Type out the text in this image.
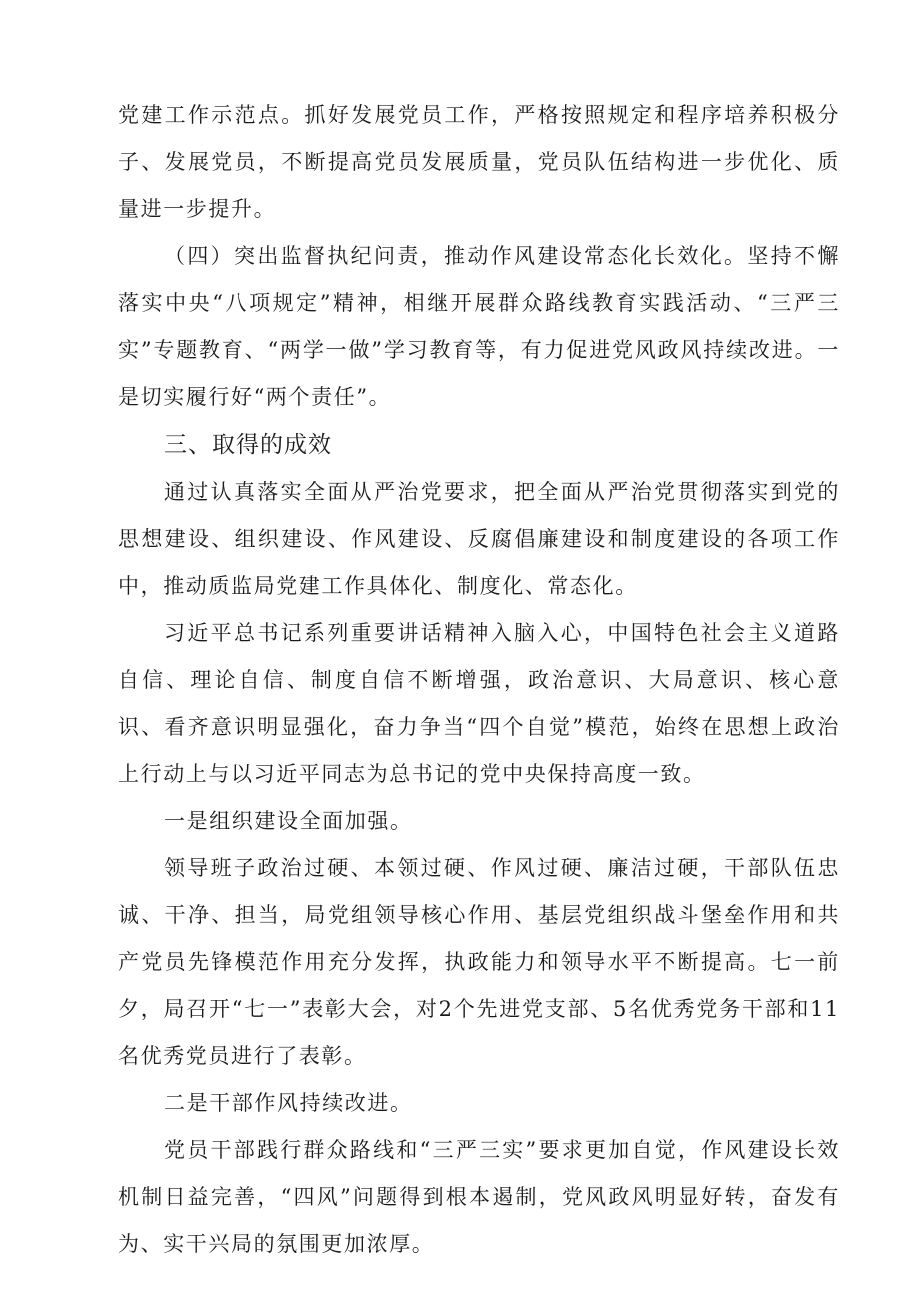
党建工作示范点。抓好发展党员工作，严格按照规定和程序培养积极分子、发展党员，不断提高党员发展质量，党员队伍结构进一步优化、质量进一步提升。

（四）突出监督执纪问责，推动作风建设常态化长效化。坚持不懈落实中央“八项规定”精神，相继开展群众路线教育实践活动、“三严三实”专题教育、“两学一做”学习教育等，有力促进党风政风持续改进。一是切实履行好“两个责任”。

三、取得的成效

通过认真落实全面从严治党要求，把全面从严治党贯彻落实到党的思想建设、组织建设、作风建设、反腐倡廉建设和制度建设的各项工作中，推动质监局党建工作具体化、制度化、常态化。

习近平总书记系列重要讲话精神入脑入心，中国特色社会主义道路自信、理论自信、制度自信不断增强，政治意识、大局意识、核心意识、看齐意识明显强化，奋力争当“四个自觉”模范，始终在思想上政治上行动上与以习近平同志为总书记的党中央保持高度一致。

一是组织建设全面加强。

领导班子政治过硬、本领过硬、作风过硬、廉洁过硬，干部队伍忠诚、干净、担当，局党组领导核心作用、基层党组织战斗堡垒作用和共产党员先锋模范作用充分发挥，执政能力和领导水平不断提高。七一前夕，局召开“七一”表彰大会，对2个先进党支部、5名优秀党务干部和11名优秀党员进行了表彰。

二是干部作风持续改进。

党员干部践行群众路线和“三严三实”要求更加自觉，作风建设长效机制日益完善，“四风”问题得到根本遏制，党风政风明显好转，奋发有为、实干兴局的氛围更加浓厚。
